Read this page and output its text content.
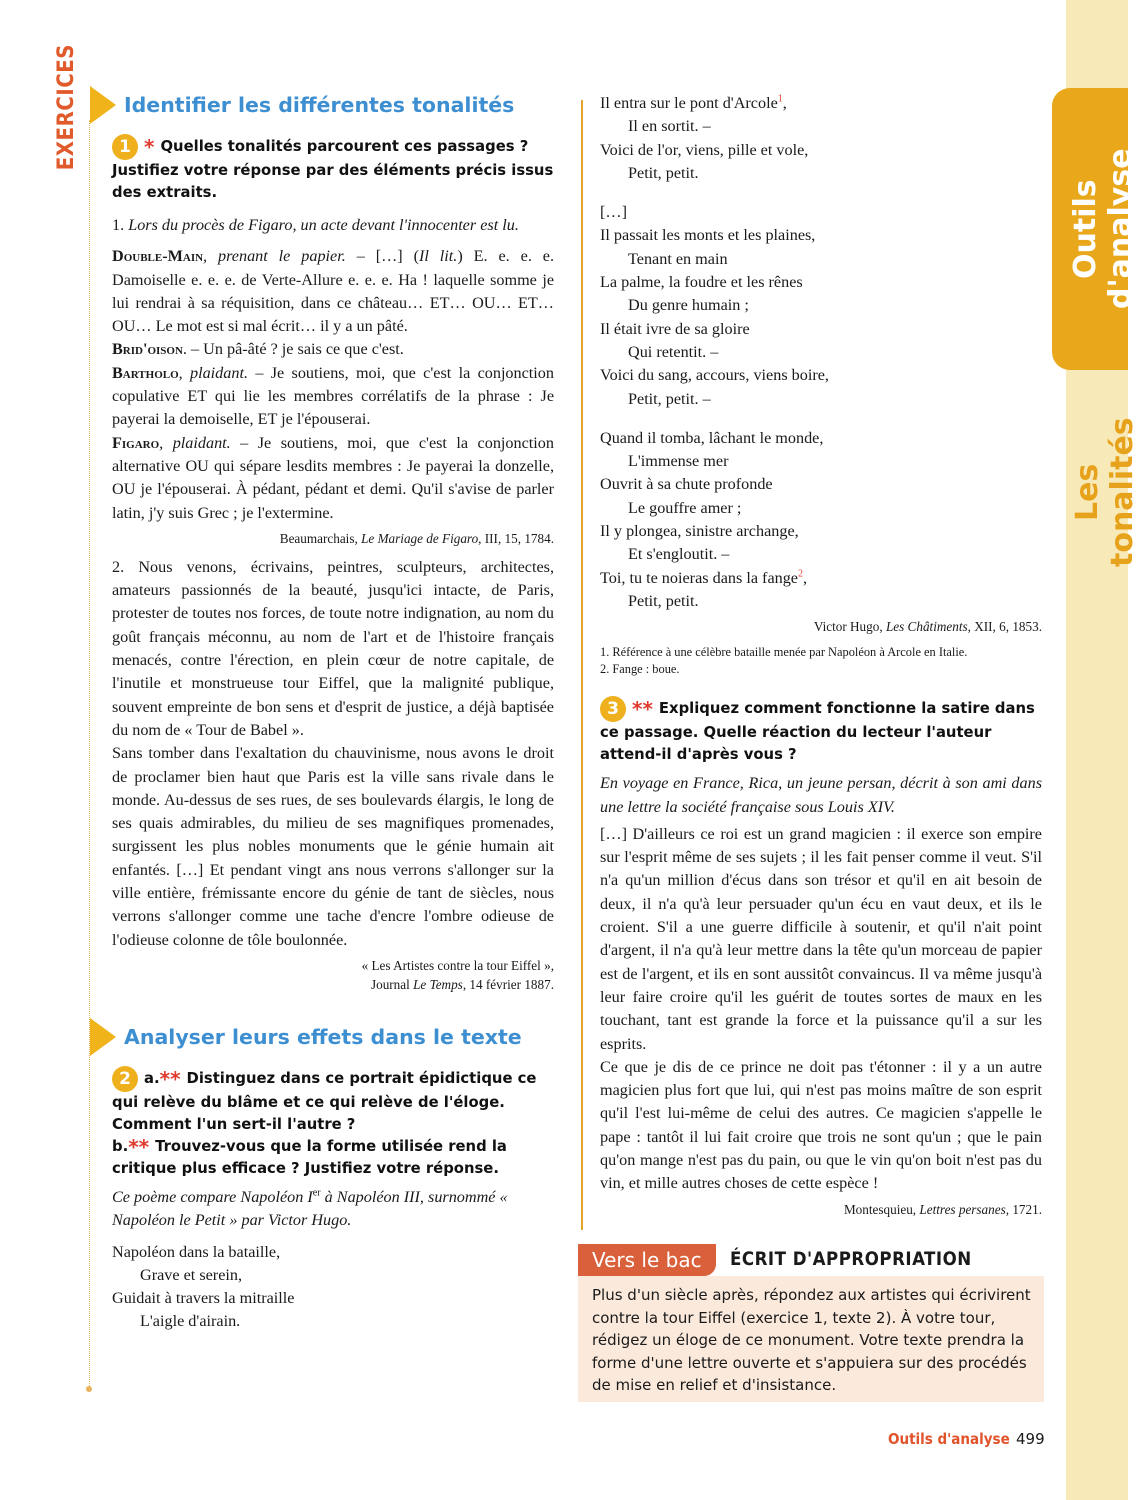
Outils d'analyse
Les tonalités
EXERCICES	Identifier les différentes tonalités
1 * Quelles tonalités parcourent ces passages ? Justifiez votre réponse par des éléments précis issus des extraits.

1. Lors du procès de Figaro, un acte devant l'innocenter est lu.

Double-Main, prenant le papier. – […] (Il lit.) E. e. e. e. Damoiselle e. e. e. de Verte-Allure e. e. e. Ha ! laquelle somme je lui rendrai à sa réquisition, dans ce château… ET… OU… ET… OU… Le mot est si mal écrit… il y a un pâté.

Brid'oison. – Un pâ-âté ? je sais ce que c'est.

Bartholo, plaidant. – Je soutiens, moi, que c'est la conjonction copulative ET qui lie les membres corrélatifs de la phrase : Je payerai la demoiselle, ET je l'épouserai.

Figaro, plaidant. – Je soutiens, moi, que c'est la conjonction alternative OU qui sépare lesdits membres : Je payerai la donzelle, OU je l'épouserai. À pédant, pédant et demi. Qu'il s'avise de parler latin, j'y suis Grec ; je l'extermine.

Beaumarchais, Le Mariage de Figaro, III, 15, 1784.

2. Nous venons, écrivains, peintres, sculpteurs, architectes, amateurs passionnés de la beauté, jusqu'ici intacte, de Paris, protester de toutes nos forces, de toute notre indignation, au nom du goût français méconnu, au nom de l'art et de l'histoire français menacés, contre l'érection, en plein cœur de notre capitale, de l'inutile et monstrueuse tour Eiffel, que la malignité publique, souvent empreinte de bon sens et d'esprit de justice, a déjà baptisée du nom de « Tour de Babel ».

Sans tomber dans l'exaltation du chauvinisme, nous avons le droit de proclamer bien haut que Paris est la ville sans rivale dans le monde. Au-dessus de ses rues, de ses boulevards élargis, le long de ses quais admirables, du milieu de ses magnifiques promenades, surgissent les plus nobles monuments que le génie humain ait enfantés. […] Et pendant vingt ans nous verrons s'allonger sur la ville entière, frémissante encore du génie de tant de siècles, nous verrons s'allonger comme une tache d'encre l'ombre odieuse de l'odieuse colonne de tôle boulonnée.

« Les Artistes contre la tour Eiffel »,
Journal Le Temps, 14 février 1887.

Analyser leurs effets dans le texte
2 a.** Distinguez dans ce portrait épidictique ce qui relève du blâme et ce qui relève de l'éloge. Comment l'un sert-il l'autre ?
b.** Trouvez-vous que la forme utilisée rend la critique plus efficace ? Justifiez votre réponse.

Ce poème compare Napoléon Ier à Napoléon III, surnommé « Napoléon le Petit » par Victor Hugo.

Napoléon dans la bataille,

Grave et serein,

Guidait à travers la mitraille

L'aigle d'airain.

Il entra sur le pont d'Arcole$^1$,

Il en sortit. –

Voici de l'or, viens, pille et vole,

Petit, petit.

[…]

Il passait les monts et les plaines,

Tenant en main

La palme, la foudre et les rênes

Du genre humain ;

Il était ivre de sa gloire

Qui retentit. –

Voici du sang, accours, viens boire,

Petit, petit. –

Quand il tomba, lâchant le monde,

L'immense mer

Ouvrit à sa chute profonde

Le gouffre amer ;

Il y plongea, sinistre archange,

Et s'engloutit. –

Toi, tu te noieras dans la fange$^2$,

Petit, petit.

Victor Hugo, Les Châtiments, XII, 6, 1853.

1. Référence à une célèbre bataille menée par Napoléon à Arcole en Italie.

2. Fange : boue.

3 ** Expliquez comment fonctionne la satire dans ce passage. Quelle réaction du lecteur l'auteur attend-il d'après vous ?

En voyage en France, Rica, un jeune persan, décrit à son ami dans une lettre la société française sous Louis XIV.

[…] D'ailleurs ce roi est un grand magicien : il exerce son empire sur l'esprit même de ses sujets ; il les fait penser comme il veut. S'il n'a qu'un million d'écus dans son trésor et qu'il en ait besoin de deux, il n'a qu'à leur persuader qu'un écu en vaut deux, et ils le croient. S'il a une guerre difficile à soutenir, et qu'il n'ait point d'argent, il n'a qu'à leur mettre dans la tête qu'un morceau de papier est de l'argent, et ils en sont aussitôt convaincus. Il va même jusqu'à leur faire croire qu'il les guérit de toutes sortes de maux en les touchant, tant est grande la force et la puissance qu'il a sur les esprits.

Ce que je dis de ce prince ne doit pas t'étonner : il y a un autre magicien plus fort que lui, qui n'est pas moins maître de son esprit qu'il l'est lui-même de celui des autres. Ce magicien s'appelle le pape : tantôt il lui fait croire que trois ne sont qu'un ; que le pain qu'on mange n'est pas du pain, ou que le vin qu'on boit n'est pas du vin, et mille autres choses de cette espèce !

Montesquieu, Lettres persanes, 1721.

Vers le bac	ÉCRIT D'APPROPRIATION
Plus d'un siècle après, répondez aux artistes qui écrivirent contre la tour Eiffel (exercice 1, texte 2). À votre tour, rédigez un éloge de ce monument. Votre texte prendra la forme d'une lettre ouverte et s'appuiera sur des procédés de mise en relief et d'insistance.
Outils d'analyse 499
